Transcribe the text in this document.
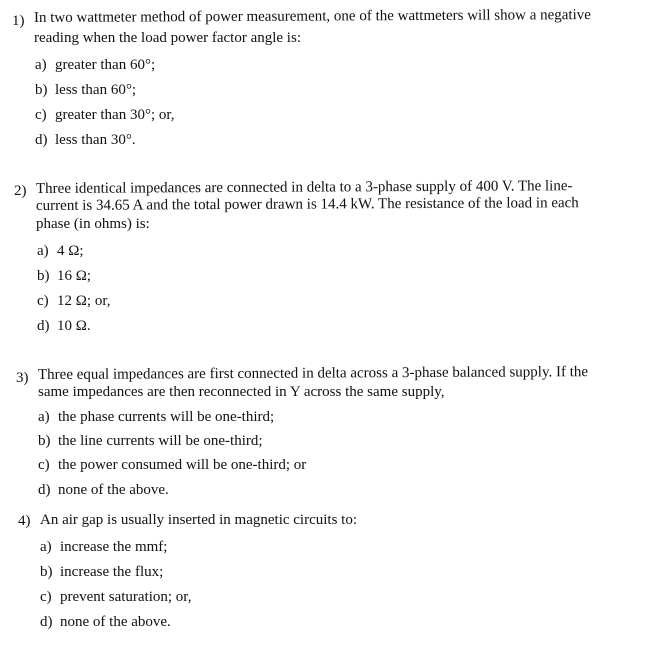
1) In two wattmeter method of power measurement, one of the wattmeters will show a negative
reading when the load power factor angle is:
a) greater than 60°;
b) less than 60°;
c) greater than 30°; or,
d) less than 30°.
2) Three identical impedances are connected in delta to a 3-phase supply of 400 V. The line-
current is 34.65 A and the total power drawn is 14.4 kW. The resistance of the load in each
phase (in ohms) is:
a) 4 Ω;
b) 16 Ω;
c) 12 Ω; or,
d) 10 Ω.
3) Three equal impedances are first connected in delta across a 3-phase balanced supply. If the
same impedances are then reconnected in Y across the same supply,
a) the phase currents will be one-third;
b) the line currents will be one-third;
c) the power consumed will be one-third; or
d) none of the above.
4) An air gap is usually inserted in magnetic circuits to:
a) increase the mmf;
b) increase the flux;
c) prevent saturation; or,
d) none of the above.
